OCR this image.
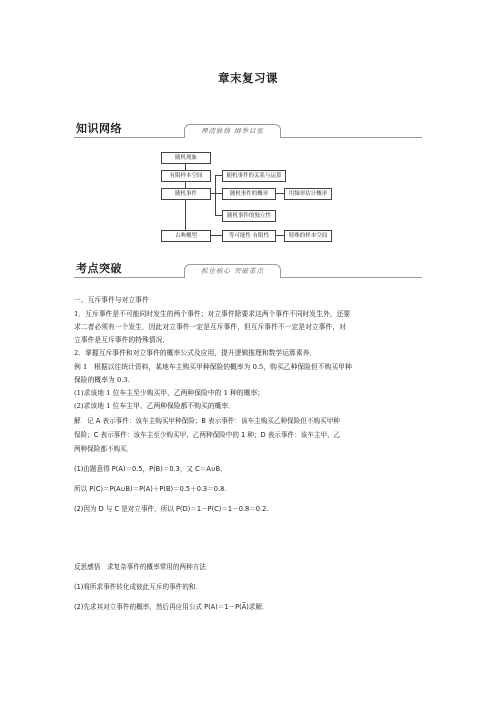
章末复习课
知识网络	理清脉络 纲举目张
随机现象
有限样本空间
随机事件
古典概型
随机事件的关系与运算
随机事件的概率
随机事件的独立性
等可能性 有限性
用频率估计概率
特殊的样本空间
考点突破	抓住核心 突破重点
一、互斥事件与对立事件
1．互斥事件是不可能同时发生的两个事件；对立事件除要求这两个事件不同时发生外，还要
求二者必须有一个发生．因此对立事件一定是互斥事件，但互斥事件不一定是对立事件，对
立事件是互斥事件的特殊情况．
2．掌握互斥事件和对立事件的概率公式及应用，提升逻辑推理和数学运算素养．
例 1　根据以往统计资料，某地车主购买甲种保险的概率为 0.5，购买乙种保险但不购买甲种
保险的概率为 0.3.
(1)求该地 1 位车主至少购买甲、乙两种保险中的 1 种的概率；
(2)求该地 1 位车主甲、乙两种保险都不购买的概率．
解　记 A 表示事件：该车主购买甲种保险；B 表示事件：该车主购买乙种保险但不购买甲种
保险；C 表示事件：该车主至少购买甲、乙两种保险中的 1 种；D 表示事件：该车主甲、乙
两种保险都不购买．
(1)由题意得 P(A)＝0.5，P(B)＝0.3，又 C＝A∪B，
所以 P(C)＝P(A∪B)＝P(A)＋P(B)＝0.5＋0.3＝0.8.
(2)因为 D 与 C 是对立事件，所以 P(D)＝1－P(C)＝1－0.8＝0.2.
反思感悟　求复杂事件的概率常用的两种方法
(1)将所求事件转化成彼此互斥的事件的和．
(2)先求其对立事件的概率，然后再应用公式 P(A)＝1－P(A̅)求解．
